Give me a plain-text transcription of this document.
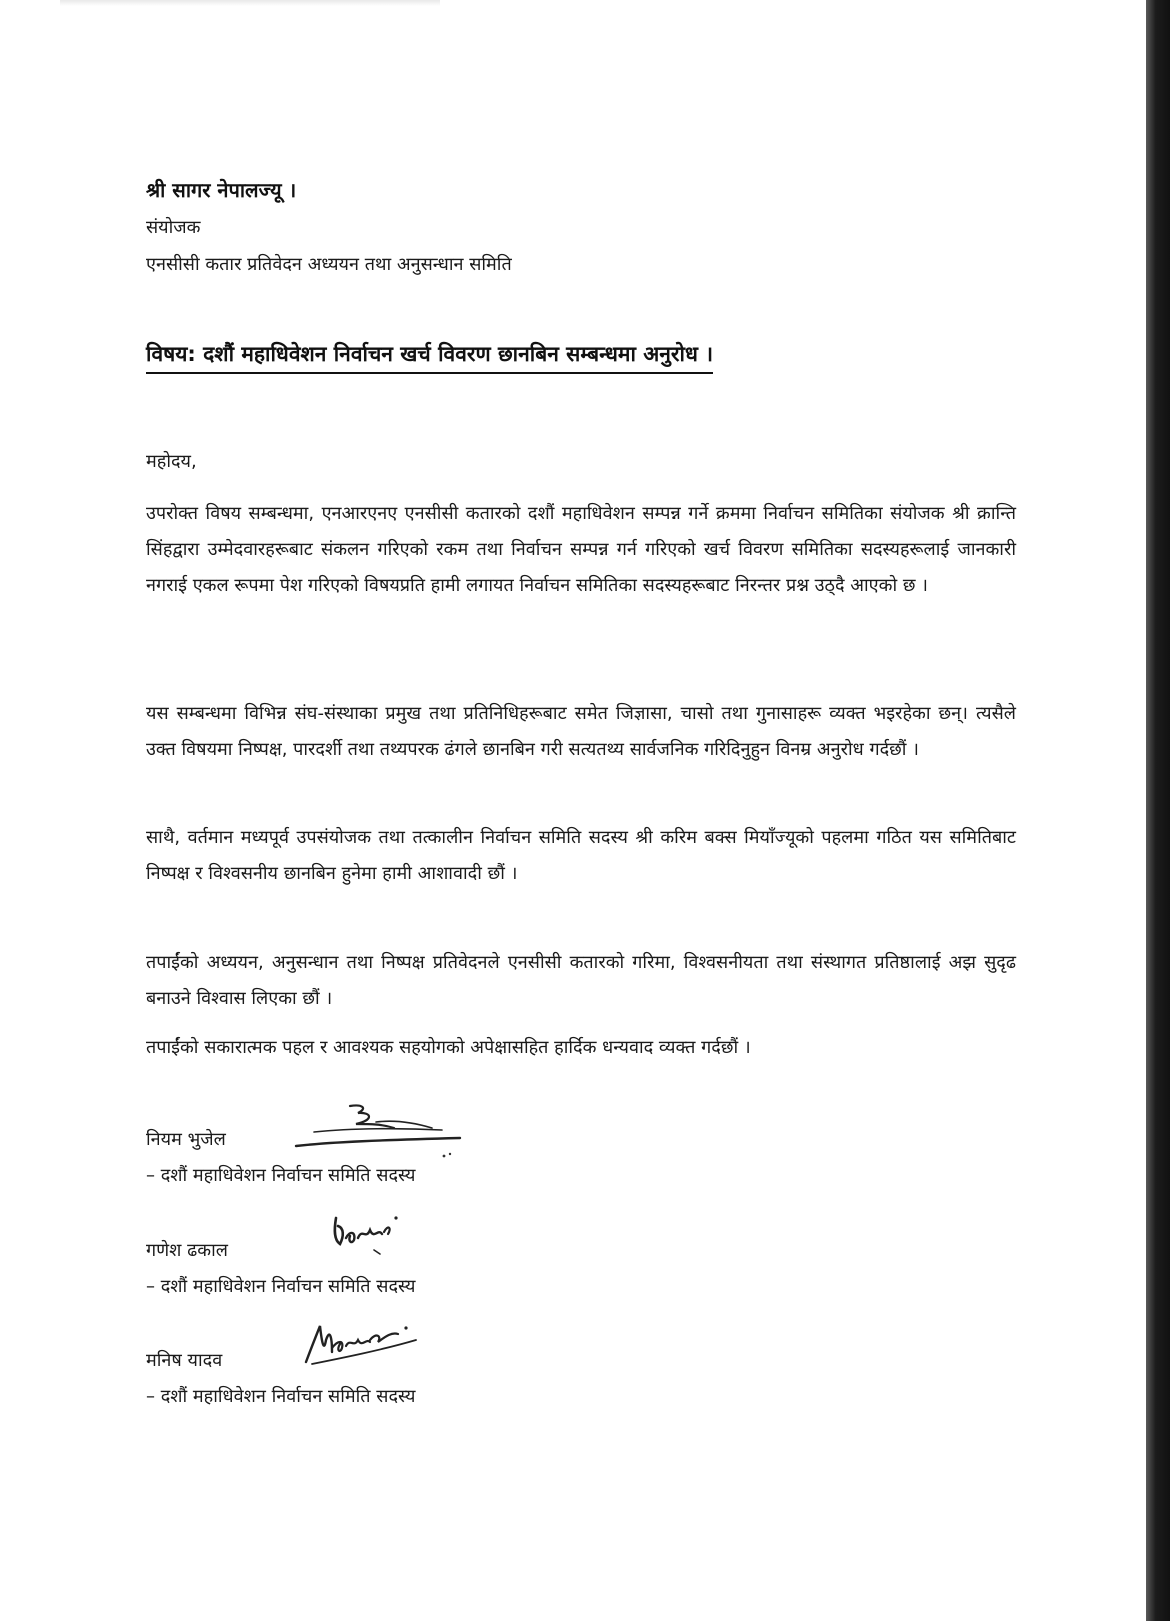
श्री सागर नेपालज्यू ।
संयोजक
एनसीसी कतार प्रतिवेदन अध्ययन तथा अनुसन्धान समिति
विषय: दशौं महाधिवेशन निर्वाचन खर्च विवरण छानबिन सम्बन्धमा अनुरोध ।
महोदय,
उपरोक्त विषय सम्बन्धमा, एनआरएनए एनसीसी कतारको दशौं महाधिवेशन सम्पन्न गर्ने क्रममा निर्वाचन समितिका संयोजक श्री क्रान्ति सिंहद्वारा उम्मेदवारहरूबाट संकलन गरिएको रकम तथा निर्वाचन सम्पन्न गर्न गरिएको खर्च विवरण समितिका सदस्यहरूलाई जानकारी नगराई एकल रूपमा पेश गरिएको विषयप्रति हामी लगायत निर्वाचन समितिका सदस्यहरूबाट निरन्तर प्रश्न उठ्दै आएको छ ।
यस सम्बन्धमा विभिन्न संघ-संस्थाका प्रमुख तथा प्रतिनिधिहरूबाट समेत जिज्ञासा, चासो तथा गुनासाहरू व्यक्त भइरहेका छन्। त्यसैले उक्त विषयमा निष्पक्ष, पारदर्शी तथा तथ्यपरक ढंगले छानबिन गरी सत्यतथ्य सार्वजनिक गरिदिनुहुन विनम्र अनुरोध गर्दछौं ।
साथै, वर्तमान मध्यपूर्व उपसंयोजक तथा तत्कालीन निर्वाचन समिति सदस्य श्री करिम बक्स मियाँज्यूको पहलमा गठित यस समितिबाट निष्पक्ष र विश्वसनीय छानबिन हुनेमा हामी आशावादी छौं ।
तपाईंको अध्ययन, अनुसन्धान तथा निष्पक्ष प्रतिवेदनले एनसीसी कतारको गरिमा, विश्वसनीयता तथा संस्थागत प्रतिष्ठालाई अझ सुदृढ बनाउने विश्वास लिएका छौं ।
तपाईंको सकारात्मक पहल र आवश्यक सहयोगको अपेक्षासहित हार्दिक धन्यवाद व्यक्त गर्दछौं ।
नियम भुजेल
– दशौं महाधिवेशन निर्वाचन समिति सदस्य
गणेश ढकाल
– दशौं महाधिवेशन निर्वाचन समिति सदस्य
मनिष यादव
– दशौं महाधिवेशन निर्वाचन समिति सदस्य
